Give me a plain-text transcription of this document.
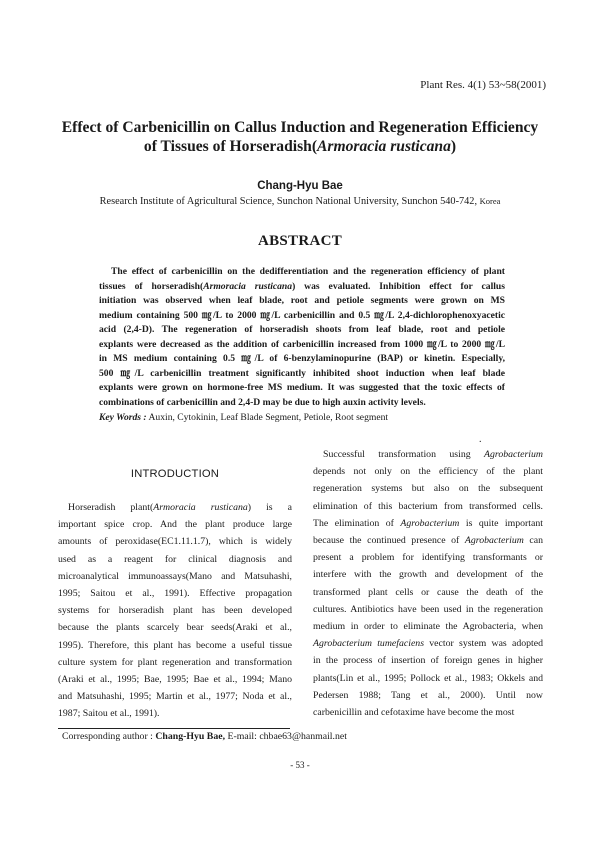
Plant Res. 4(1) 53~58(2001)
Effect of Carbenicillin on Callus Induction and Regeneration Efficiency
of Tissues of Horseradish(Armoracia rusticana)
Chang-Hyu Bae
Research Institute of Agricultural Science, Sunchon National University, Sunchon 540-742, Korea
ABSTRACT
The effect of carbenicillin on the dedifferentiation and the regeneration efficiency of plant
tissues of horseradish(Armoracia rusticana) was evaluated. Inhibition effect for callus
initiation was observed when leaf blade, root and petiole segments were grown on MS
medium containing 500 ㎎/L to 2000 ㎎/L carbenicillin and 0.5 ㎎/L 2,4-dichlorophenoxyacetic
acid (2,4-D). The regeneration of horseradish shoots from leaf blade, root and petiole
explants were decreased as the addition of carbenicillin increased from 1000 ㎎/L to 2000 ㎎/L
in MS medium containing 0.5 ㎎/L of 6-benzylaminopurine (BAP) or kinetin. Especially,
500 ㎎/L carbenicillin treatment significantly inhibited shoot induction when leaf blade
explants were grown on hormone-free MS medium. It was suggested that the toxic effects of
combinations of carbenicillin and 2,4-D may be due to high auxin activity levels.
Key Words : Auxin, Cytokinin, Leaf Blade Segment, Petiole, Root segment
.
INTRODUCTION
Horseradish plant(Armoracia rusticana) is a
important spice crop. And the plant produce large
amounts of peroxidase(EC1.11.1.7), which is widely
used as a reagent for clinical diagnosis and
microanalytical immunoassays(Mano and Matsuhashi,
1995; Saitou et al., 1991). Effective propagation
systems for horseradish plant has been developed
because the plants scarcely bear seeds(Araki et al.,
1995). Therefore, this plant has become a useful tissue
culture system for plant regeneration and transformation
(Araki et al., 1995; Bae, 1995; Bae et al., 1994; Mano
and Matsuhashi, 1995; Martin et al., 1977; Noda et al.,
1987; Saitou et al., 1991).
Successful transformation using Agrobacterium
depends not only on the efficiency of the plant
regeneration systems but also on the subsequent
elimination of this bacterium from transformed cells.
The elimination of Agrobacterium is quite important
because the continued presence of Agrobacterium can
present a problem for identifying transformants or
interfere with the growth and development of the
transformed plant cells or cause the death of the
cultures. Antibiotics have been used in the regeneration
medium in order to eliminate the Agrobacteria, when
Agrobacterium tumefaciens vector system was adopted
in the process of insertion of foreign genes in higher
plants(Lin et al., 1995; Pollock et al., 1983; Okkels and
Pedersen 1988; Tang et al., 2000). Until now
carbenicillin and cefotaxime have become the most
Corresponding author : Chang-Hyu Bae, E-mail: chbae63@hanmail.net
- 53 -
